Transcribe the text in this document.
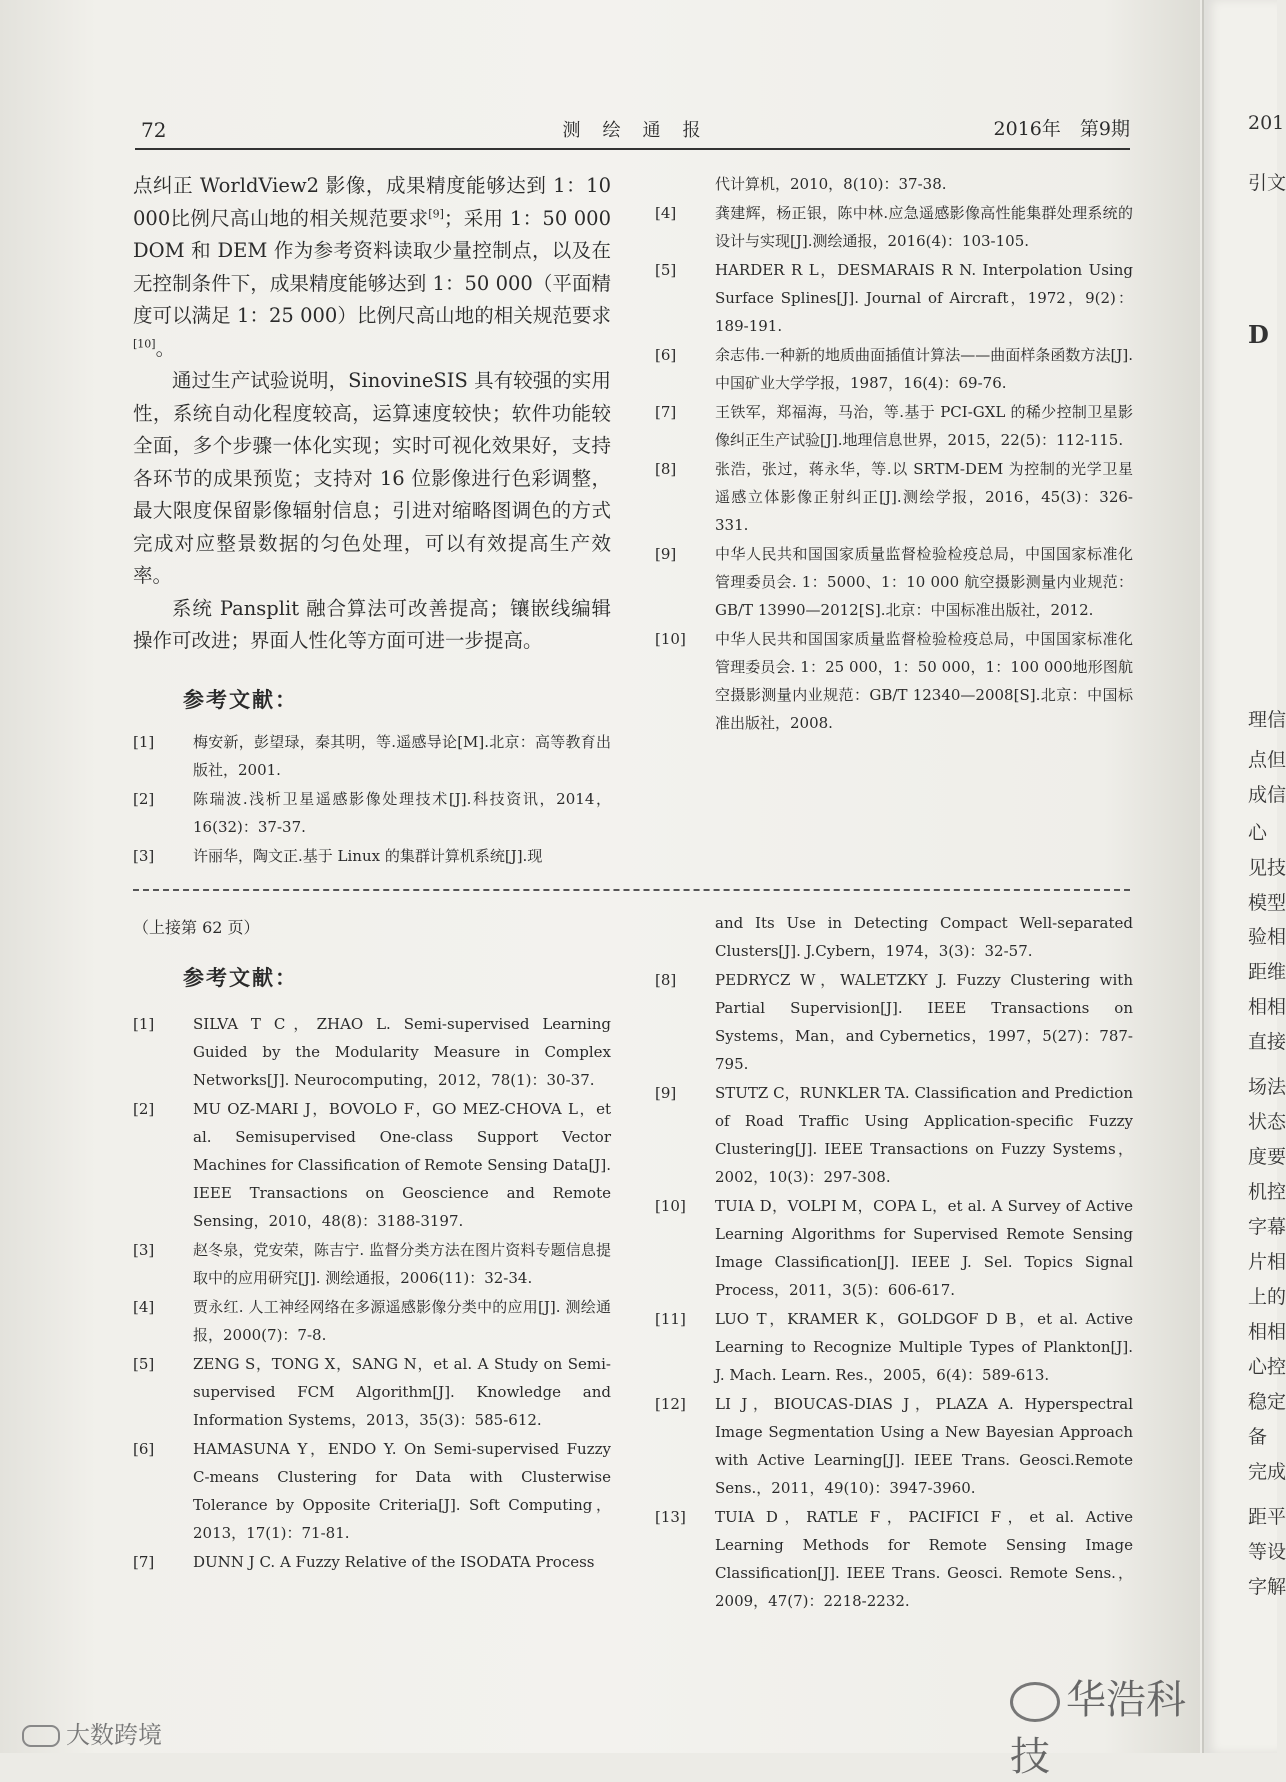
72	测绘通报	2016年　第9期

点纠正 WorldView2 影像，成果精度能够达到 1：10 000比例尺高山地的相关规范要求[9]；采用 1：50 000 DOM 和 DEM 作为参考资料读取少量控制点，以及在无控制条件下，成果精度能够达到 1：50 000（平面精度可以满足 1：25 000）比例尺高山地的相关规范要求[10]。

通过生产试验说明，SinovineSIS 具有较强的实用性，系统自动化程度较高，运算速度较快；软件功能较全面，多个步骤一体化实现；实时可视化效果好，支持各环节的成果预览；支持对 16 位影像进行色彩调整，最大限度保留影像辐射信息；引进对缩略图调色的方式完成对应整景数据的匀色处理，可以有效提高生产效率。

系统 Pansplit 融合算法可改善提高；镶嵌线编辑操作可改进；界面人性化等方面可进一步提高。

参考文献：
[1]	梅安新，彭望琭，秦其明，等.遥感导论[M].北京：高等教育出版社，2001.
[2]	陈瑞波.浅析卫星遥感影像处理技术[J].科技资讯，2014，16(32)：37-37.
[3]	许丽华，陶文正.基于 Linux 的集群计算机系统[J].现
代计算机，2010，8(10)：37-38.
[4]	龚建辉，杨正银，陈中林.应急遥感影像高性能集群处理系统的设计与实现[J].测绘通报，2016(4)：103-105.
[5]	HARDER R L，DESMARAIS R N. Interpolation Using Surface Splines[J]. Journal of Aircraft，1972，9(2)：189-191.
[6]	余志伟.一种新的地质曲面插值计算法——曲面样条函数方法[J].中国矿业大学学报，1987，16(4)：69-76.
[7]	王铁军，郑福海，马治，等.基于 PCI-GXL 的稀少控制卫星影像纠正生产试验[J].地理信息世界，2015，22(5)：112-115.
[8]	张浩，张过，蒋永华，等.以 SRTM-DEM 为控制的光学卫星遥感立体影像正射纠正[J].测绘学报，2016，45(3)：326-331.
[9]	中华人民共和国国家质量监督检验检疫总局，中国国家标准化管理委员会. 1：5000、1：10 000 航空摄影测量内业规范：GB/T 13990—2012[S].北京：中国标准出版社，2012.
[10] 中华人民共和国国家质量监督检验检疫总局，中国国家标准化管理委员会. 1：25 000，1：50 000，1：100 000地形图航空摄影测量内业规范：GB/T 12340—2008[S].北京：中国标准出版社，2008.
（上接第 62 页）
参考文献：
[1]	SILVA T C，ZHAO L. Semi-supervised Learning Guided by the Modularity Measure in Complex Networks[J]. Neurocomputing，2012，78(1)：30-37.
[2]	MU OZ-MARI J，BOVOLO F，GO MEZ-CHOVA L，et al. Semisupervised One-class Support Vector Machines for Classification of Remote Sensing Data[J]. IEEE Transactions on Geoscience and Remote Sensing，2010，48(8)：3188-3197.
[3]	赵冬泉，党安荣，陈吉宁. 监督分类方法在图片资料专题信息提取中的应用研究[J]. 测绘通报，2006(11)：32-34.
[4]	贾永红. 人工神经网络在多源遥感影像分类中的应用[J]. 测绘通报，2000(7)：7-8.
[5]	ZENG S，TONG X，SANG N，et al. A Study on Semi-supervised FCM Algorithm[J]. Knowledge and Information Systems，2013，35(3)：585-612.
[6]	HAMASUNA Y，ENDO Y. On Semi-supervised Fuzzy C-means Clustering for Data with Clusterwise Tolerance by Opposite Criteria[J]. Soft Computing，2013，17(1)：71-81.
[7]	DUNN J C. A Fuzzy Relative of the ISODATA Process
and Its Use in Detecting Compact Well-separated Clusters[J]. J.Cybern，1974，3(3)：32-57.
[8]	PEDRYCZ W，WALETZKY J. Fuzzy Clustering with Partial Supervision[J]. IEEE Transactions on Systems，Man，and Cybernetics，1997，5(27)：787-795.
[9]	STUTZ C，RUNKLER TA. Classification and Prediction of Road Traffic Using Application-specific Fuzzy Clustering[J]. IEEE Transactions on Fuzzy Systems，2002，10(3)：297-308.
[10] TUIA D，VOLPI M，COPA L，et al. A Survey of Active Learning Algorithms for Supervised Remote Sensing Image Classification[J]. IEEE J. Sel. Topics Signal Process，2011，3(5)：606-617.
[11] LUO T，KRAMER K，GOLDGOF D B，et al. Active Learning to Recognize Multiple Types of Plankton[J]. J. Mach. Learn. Res.，2005，6(4)：589-613.
[12] LI J，BIOUCAS-DIAS J，PLAZA A. Hyperspectral Image Segmentation Using a New Bayesian Approach with Active Learning[J]. IEEE Trans. Geosci.Remote Sens.，2011，49(10)：3947-3960.
[13] TUIA D，RATLE F，PACIFICI F，et al. Active Learning Methods for Remote Sensing Image Classification[J]. IEEE Trans. Geosci. Remote Sens.，2009，47(7)：2218-2232.
华浩科技
大数跨境
201
引文
D
理信
点但
成信
心
见技
模型
验相
距维
相相
直接
场法
状态
度要
机控
字幕
片相
上的
相相
心控
稳定
备
完成
距平
等设
字解
